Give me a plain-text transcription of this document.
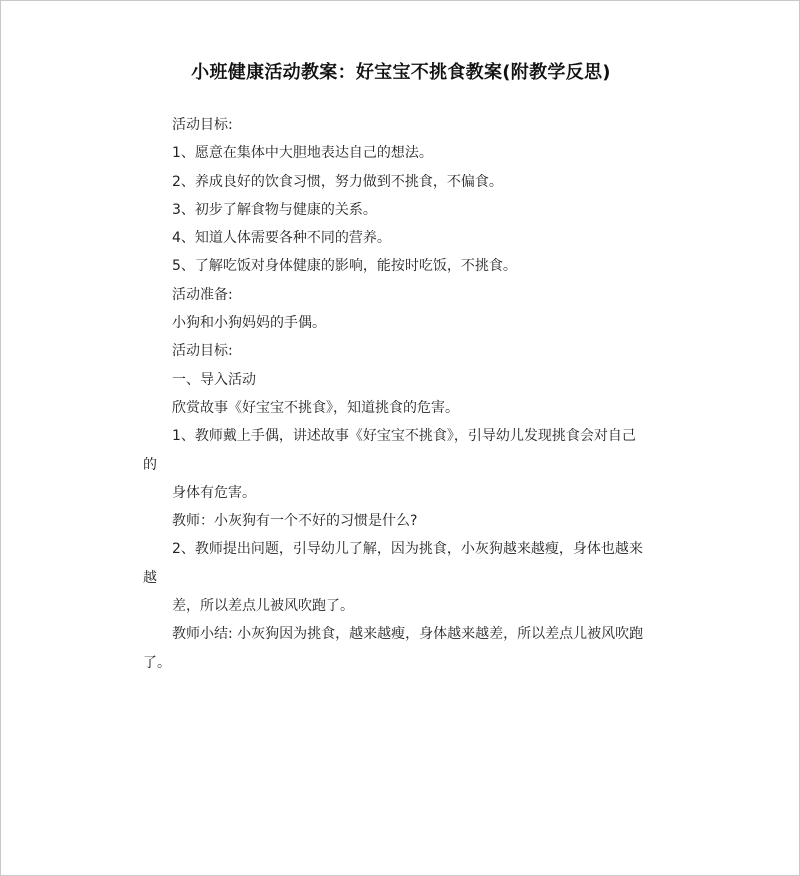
小班健康活动教案：好宝宝不挑食教案(附教学反思)
活动目标:
1、愿意在集体中大胆地表达自己的想法。
2、养成良好的饮食习惯，努力做到不挑食，不偏食。
3、初步了解食物与健康的关系。
4、知道人体需要各种不同的营养。
5、了解吃饭对身体健康的影响，能按时吃饭，不挑食。
活动准备:
小狗和小狗妈妈的手偶。
活动目标:
一、导入活动
欣赏故事《好宝宝不挑食》，知道挑食的危害。
1、教师戴上手偶，讲述故事《好宝宝不挑食》，引导幼儿发现挑食会对自己
的
身体有危害。
教师：小灰狗有一个不好的习惯是什么?
2、教师提出问题，引导幼儿了解，因为挑食，小灰狗越来越瘦，身体也越来
越
差，所以差点儿被风吹跑了。
教师小结: 小灰狗因为挑食，越来越瘦，身体越来越差，所以差点儿被风吹跑
了。
